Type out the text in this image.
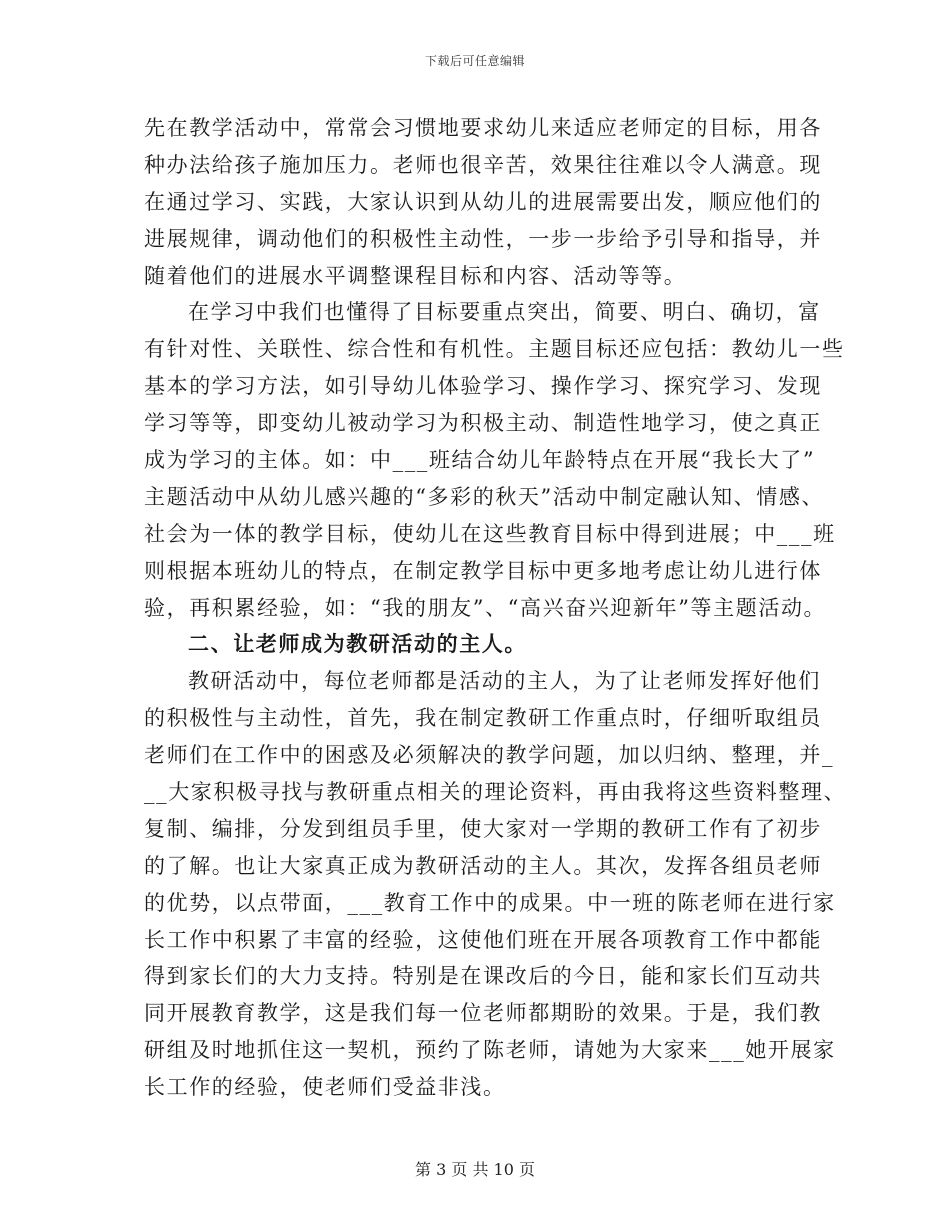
下载后可任意编辑
先在教学活动中，常常会习惯地要求幼儿来适应老师定的目标，用各
种办法给孩子施加压力。老师也很辛苦，效果往往难以令人满意。现
在通过学习、实践，大家认识到从幼儿的进展需要出发，顺应他们的
进展规律，调动他们的积极性主动性，一步一步给予引导和指导，并
随着他们的进展水平调整课程目标和内容、活动等等。
在学习中我们也懂得了目标要重点突出，简要、明白、确切，富
有针对性、关联性、综合性和有机性。主题目标还应包括：教幼儿一些
基本的学习方法，如引导幼儿体验学习、操作学习、探究学习、发现
学习等等，即变幼儿被动学习为积极主动、制造性地学习，使之真正
成为学习的主体。如：中___班结合幼儿年龄特点在开展“我长大了”
主题活动中从幼儿感兴趣的“多彩的秋天”活动中制定融认知、情感、
社会为一体的教学目标，使幼儿在这些教育目标中得到进展；中___班
则根据本班幼儿的特点，在制定教学目标中更多地考虑让幼儿进行体
验，再积累经验，如：“我的朋友”、“高兴奋兴迎新年”等主题活动。
二、让老师成为教研活动的主人。
教研活动中，每位老师都是活动的主人，为了让老师发挥好他们
的积极性与主动性，首先，我在制定教研工作重点时，仔细听取组员
老师们在工作中的困惑及必须解决的教学问题，加以归纳、整理，并_
__大家积极寻找与教研重点相关的理论资料，再由我将这些资料整理、
复制、编排，分发到组员手里，使大家对一学期的教研工作有了初步
的了解。也让大家真正成为教研活动的主人。其次，发挥各组员老师
的优势，以点带面，___教育工作中的成果。中一班的陈老师在进行家
长工作中积累了丰富的经验，这使他们班在开展各项教育工作中都能
得到家长们的大力支持。特别是在课改后的今日，能和家长们互动共
同开展教育教学，这是我们每一位老师都期盼的效果。于是，我们教
研组及时地抓住这一契机，预约了陈老师，请她为大家来___她开展家
长工作的经验，使老师们受益非浅。
第 3 页 共 10 页
